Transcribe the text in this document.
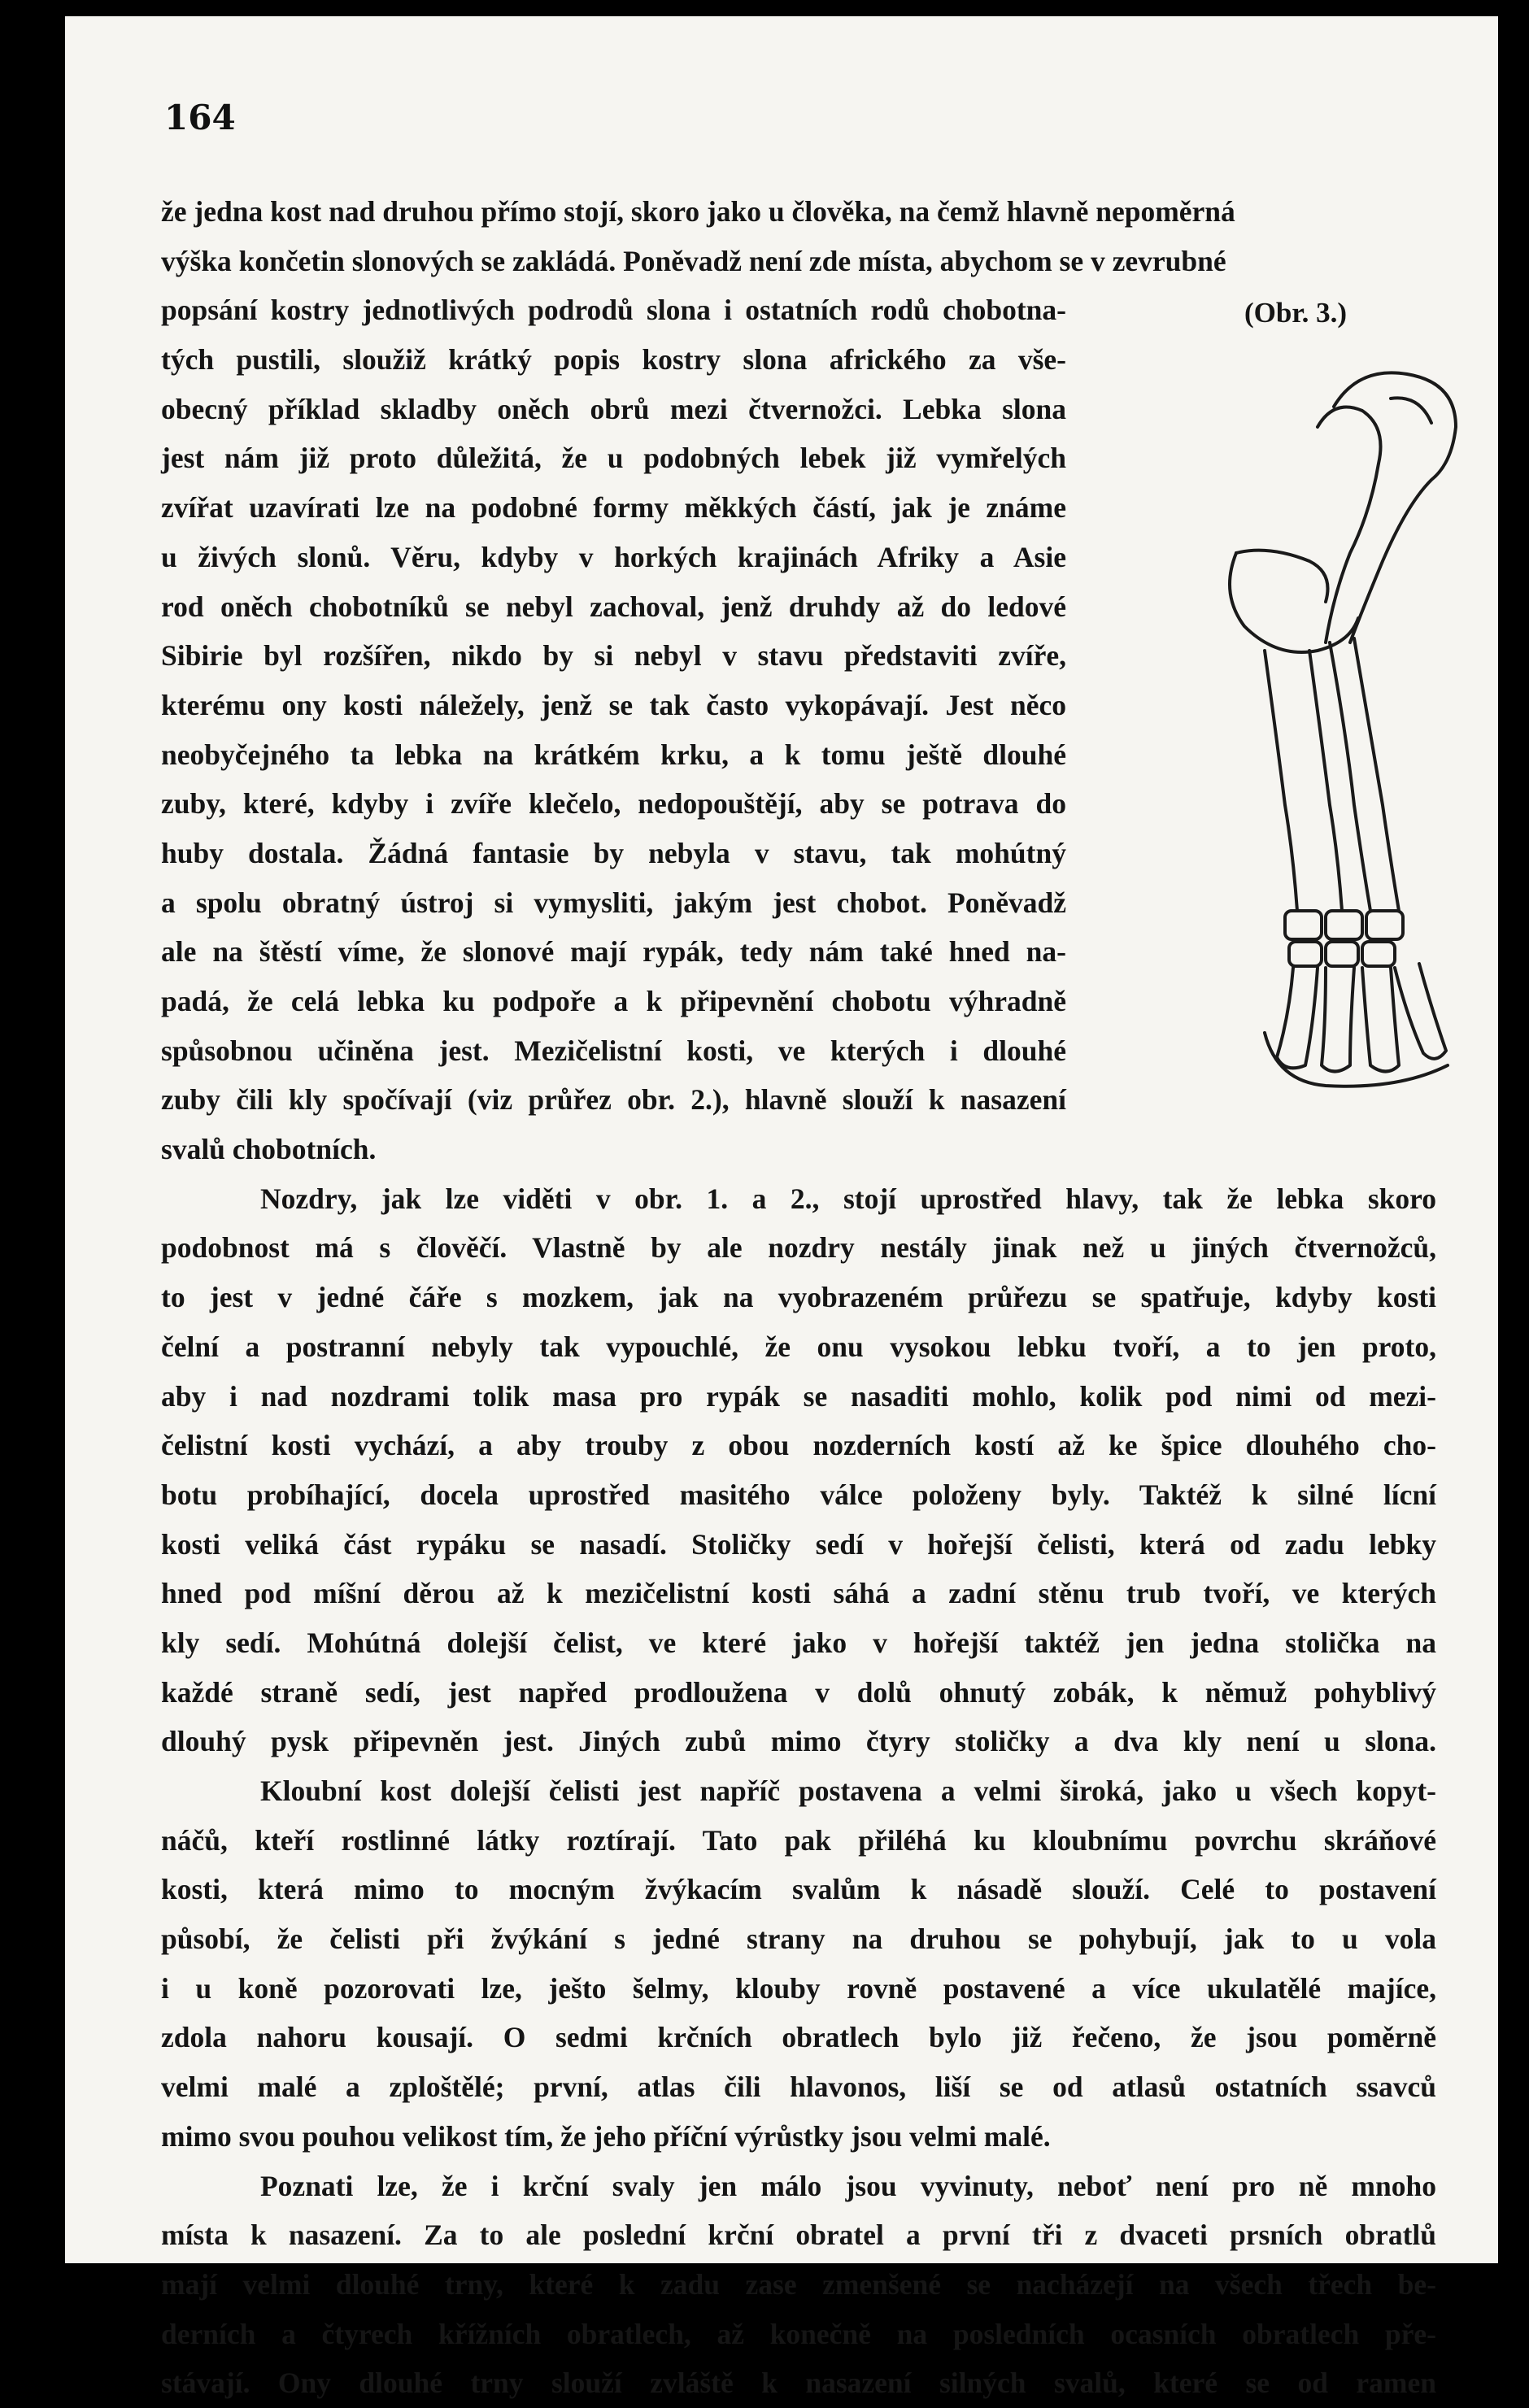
164
(Obr. 3.)
že jedna kost nad druhou přímo stojí, skoro jako u člověka, na čemž hlavně nepoměrná
výška končetin slonových se zakládá. Poněvadž není zde místa, abychom se v zevrubné
popsání kostry jednotlivých podrodů slona i ostatních rodů chobotna-
tých pustili, sloužiž krátký popis kostry slona afrického za vše-
obecný příklad skladby oněch obrů mezi čtvernožci. Lebka slona
jest nám již proto důležitá, že u podobných lebek již vymřelých
zvířat uzavírati lze na podobné formy měkkých částí, jak je známe
u živých slonů. Věru, kdyby v horkých krajinách Afriky a Asie
rod oněch chobotníků se nebyl zachoval, jenž druhdy až do ledové
Sibirie byl rozšířen, nikdo by si nebyl v stavu představiti zvíře,
kterému ony kosti náležely, jenž se tak často vykopávají. Jest něco
neobyčejného ta lebka na krátkém krku, a k tomu ještě dlouhé
zuby, které, kdyby i zvíře klečelo, nedopouštějí, aby se potrava do
huby dostala. Žádná fantasie by nebyla v stavu, tak mohútný
a spolu obratný ústroj si vymysliti, jakým jest chobot. Poněvadž
ale na štěstí víme, že slonové mají rypák, tedy nám také hned na-
padá, že celá lebka ku podpoře a k připevnění chobotu výhradně
spůsobnou učiněna jest. Mezičelistní kosti, ve kterých i dlouhé
zuby čili kly spočívají (viz průřez obr. 2.), hlavně slouží k nasazení
svalů chobotních.
Nozdry, jak lze viděti v obr. 1. a 2., stojí uprostřed hlavy, tak že lebka skoro
podobnost má s člověčí. Vlastně by ale nozdry nestály jinak než u jiných čtvernožců,
to jest v jedné čáře s mozkem, jak na vyobrazeném průřezu se spatřuje, kdyby kosti
čelní a postranní nebyly tak vypouchlé, že onu vysokou lebku tvoří, a to jen proto,
aby i nad nozdrami tolik masa pro rypák se nasaditi mohlo, kolik pod nimi od mezi-
čelistní kosti vychází, a aby trouby z obou nozderních kostí až ke špice dlouhého cho-
botu probíhající, docela uprostřed masitého válce položeny byly. Taktéž k silné lícní
kosti veliká část rypáku se nasadí. Stoličky sedí v hořejší čelisti, která od zadu lebky
hned pod míšní děrou až k mezičelistní kosti sáhá a zadní stěnu trub tvoří, ve kterých
kly sedí. Mohútná dolejší čelist, ve které jako v hořejší taktéž jen jedna stolička na
každé straně sedí, jest napřed prodloužena v dolů ohnutý zobák, k němuž pohyblivý
dlouhý pysk připevněn jest. Jiných zubů mimo čtyry stoličky a dva kly není u slona.
Kloubní kost dolejší čelisti jest napříč postavena a velmi široká, jako u všech kopyt-
náčů, kteří rostlinné látky roztírají. Tato pak přiléhá ku kloubnímu povrchu skráňové
kosti, která mimo to mocným žvýkacím svalům k násadě slouží. Celé to postavení
působí, že čelisti při žvýkání s jedné strany na druhou se pohybují, jak to u vola
i u koně pozorovati lze, ješto šelmy, klouby rovně postavené a více ukulatělé majíce,
zdola nahoru kousají. O sedmi krčních obratlech bylo již řečeno, že jsou poměrně
velmi malé a zploštělé; první, atlas čili hlavonos, liší se od atlasů ostatních ssavců
mimo svou pouhou velikost tím, že jeho příční výrůstky jsou velmi malé.
Poznati lze, že i krční svaly jen málo jsou vyvinuty, neboť není pro ně mnoho
místa k nasazení. Za to ale poslední krční obratel a první tři z dvaceti prsních obratlů
mají velmi dlouhé trny, které k zadu zase zmenšené se nacházejí na všech třech be-
derních a čtyrech křížních obratlech, až konečně na posledních ocasních obratlech pře-
stávají. Ony dlouhé trny slouží zvláště k nasazení silných svalů, které se od ramen
